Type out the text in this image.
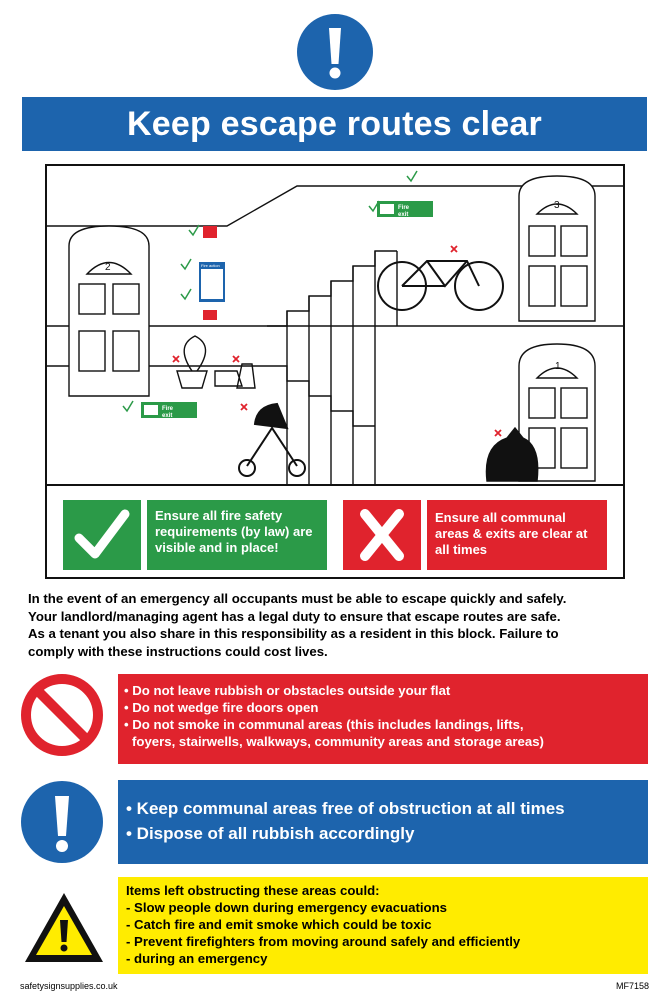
Keep escape routes clear
2
3
1
Fire
exit
Fire
exit
Fire action
Ensure all fire safety requirements (by law) are visible and in place!
Ensure all communal areas & exits are clear at all times

In the event of an emergency all occupants must be able to escape quickly and safely.

Your landlord/managing agent has a legal duty to ensure that escape routes are safe.

As a tenant you also share in this responsibility as a resident in this block. Failure to

comply with these instructions could cost lives.

• Do not leave rubbish or obstacles outside your flat
• Do not wedge fire doors open
• Do not smoke in communal areas (this includes landings, lifts,
foyers, stairwells, walkways, community areas and storage areas)
• Keep communal areas free of obstruction at all times
• Dispose of all rubbish accordingly
Items left obstructing these areas could:
- Slow people down during emergency evacuations
- Catch fire and emit smoke which could be toxic
- Prevent firefighters from moving around safely and efficiently
- during an emergency
safetysignsupplies.co.uk	MF7158
